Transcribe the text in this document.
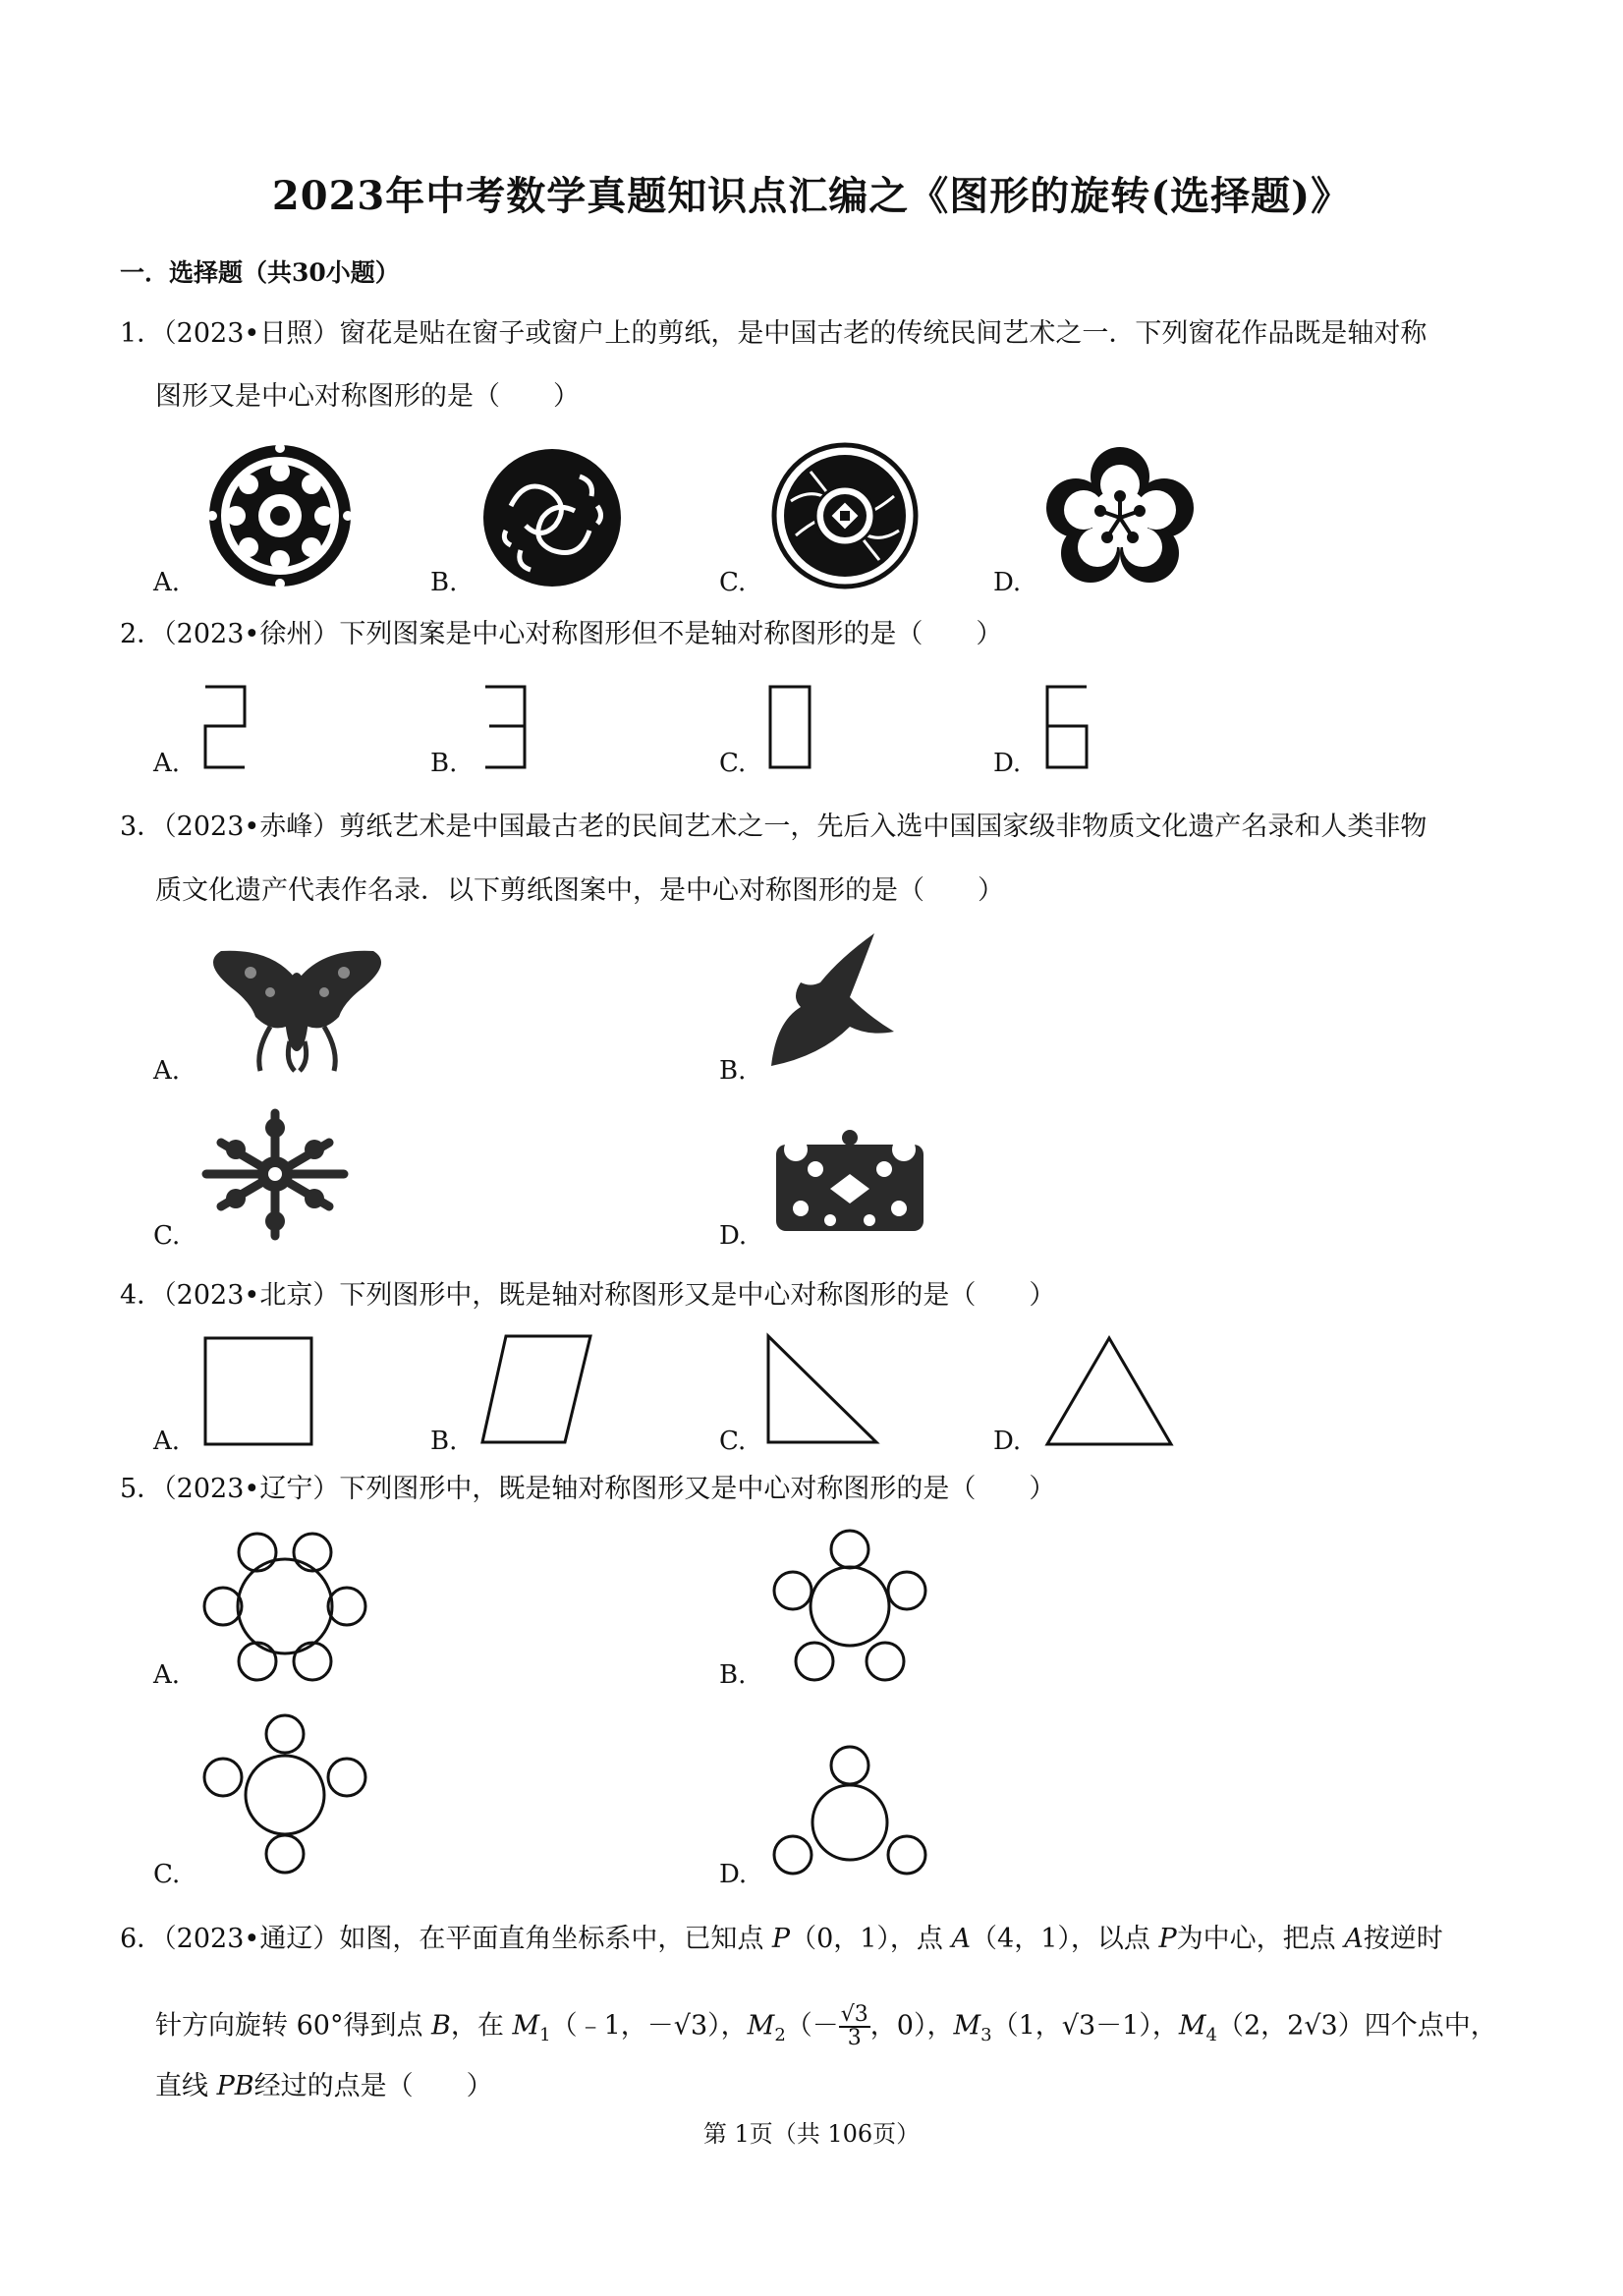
2023年中考数学真题知识点汇编之《图形的旋转(选择题)》
一．选择题（共30小题）
1．（2023•日照）窗花是贴在窗子或窗户上的剪纸，是中国古老的传统民间艺术之一．下列窗花作品既是轴对称
图形又是中心对称图形的是（　　）
A.	B.	C.	D.
2．（2023•徐州）下列图案是中心对称图形但不是轴对称图形的是（　　）
A.	B.	C.	D.
3．（2023•赤峰）剪纸艺术是中国最古老的民间艺术之一，先后入选中国国家级非物质文化遗产名录和人类非物
质文化遗产代表作名录．以下剪纸图案中，是中心对称图形的是（　　）
A.	B.
C.	D.
4．（2023•北京）下列图形中，既是轴对称图形又是中心对称图形的是（　　）
A.	B.	C.	D.
5．（2023•辽宁）下列图形中，既是轴对称图形又是中心对称图形的是（　　）
A.	B.
C.	D.
6．（2023•通辽）如图，在平面直角坐标系中，已知点 P（0，1），点 A（4，1），以点 P为中心，把点 A按逆时
针方向旋转 60°得到点 B，在 $M_1(﹣1$，－√3），$M_2(- \frac{√3}{3}$ ，0），$M_3(1$，√3－1），$M_4(2$，2√3）四个点中，
直线 PB经过的点是（　　）
第 1页（共 106页）
